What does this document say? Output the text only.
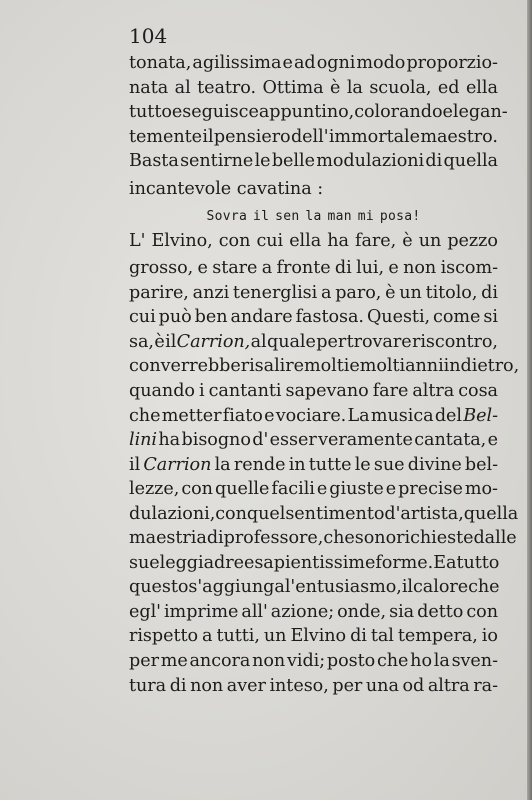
104
tonata, agilissima e ad ogni modo proporzio-
nata al teatro. Ottima è la scuola, ed ella
tutto eseguisce appuntino, colorando elegan-
temente il pensiero dell' immortale maestro.
Basta sentirne le belle modulazioni di quella
incantevole cavatina :
Sovra il sen la man mi posa!
L' Elvino, con cui ella ha fare, è un pezzo
grosso, e stare a fronte di lui, e non iscom-
parire, anzi tenerglisi a paro, è un titolo, di
cui può ben andare fastosa. Questi, come si
sa, è il Carrion, al quale per trovare riscontro,
converrebbe risalire molti e molti anni indietro,
quando i cantanti sapevano fare altra cosa
che metter fiato e vociare. La musica del Bel-
lini ha bisogno d' esser veramente cantata, e
il Carrion la rende in tutte le sue divine bel-
lezze, con quelle facili e giuste e precise mo-
dulazioni, con quel sentimento d'artista, quella
maestria di professore, che sono richieste dalle
sue leggiadre e sapientissime forme. E a tutto
questo s' aggiunga l' entusiasmo, il calore che
egl' imprime all' azione; onde, sia detto con
rispetto a tutti, un Elvino di tal tempera, io
per me ancora non vidi; posto che ho la sven-
tura di non aver inteso, per una od altra ra-
